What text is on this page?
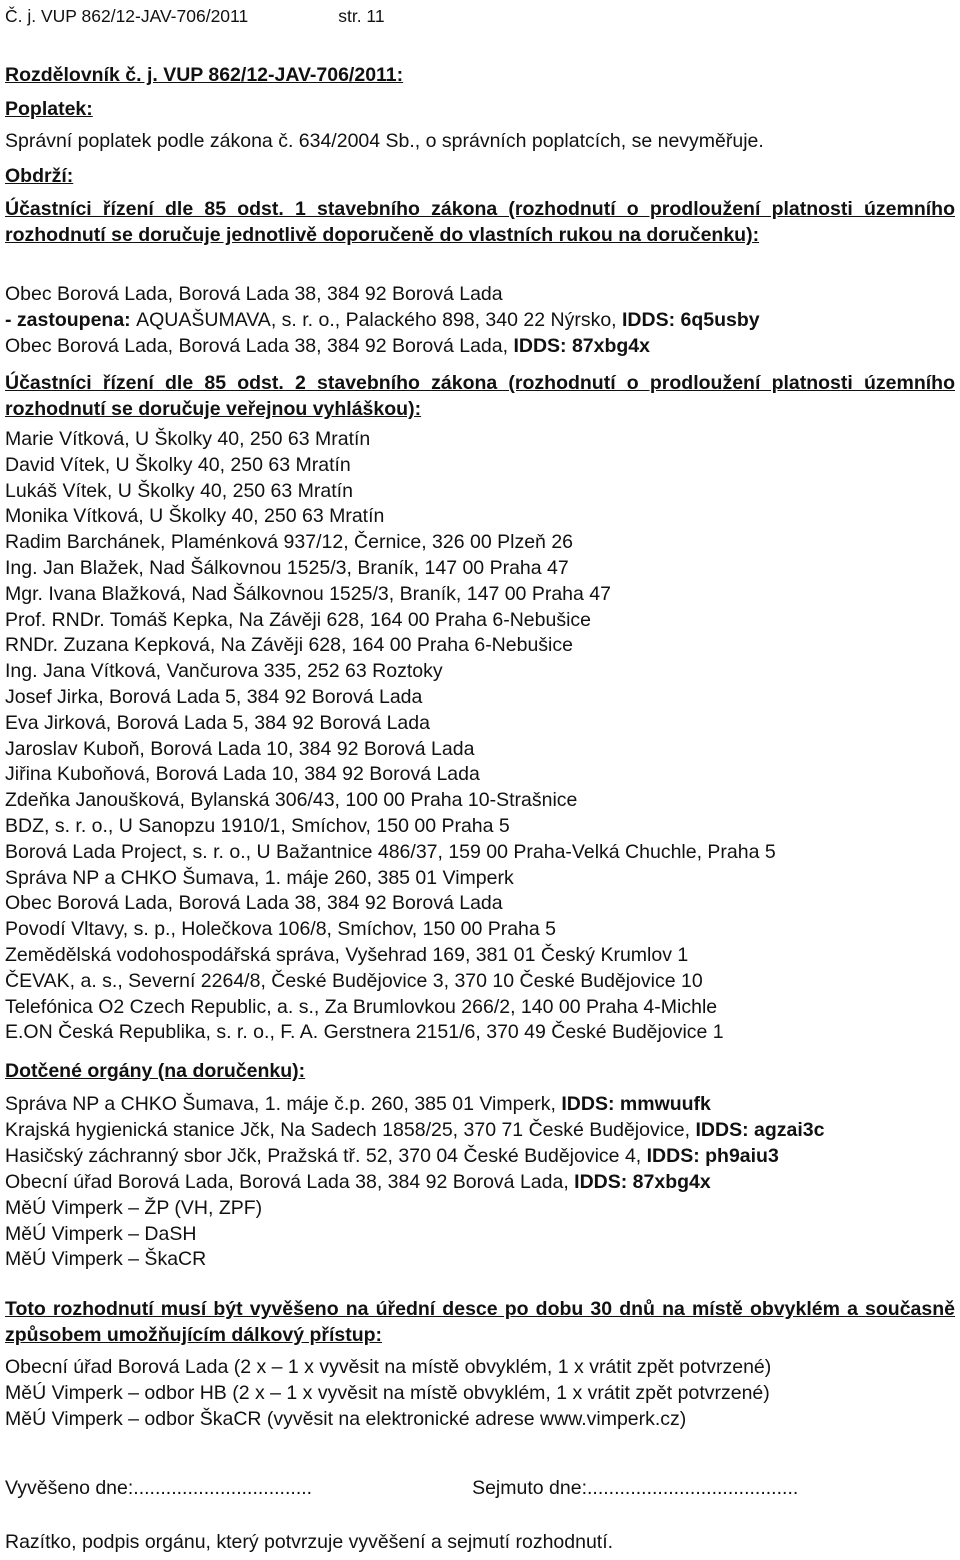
Č. j. VUP 862/12-JAV-706/2011	str. 11
Rozdělovník č. j. VUP 862/12-JAV-706/2011:
Poplatek:
Správní poplatek podle zákona č. 634/2004 Sb., o správních poplatcích, se nevyměřuje.
Obdrží:
Účastníci řízení dle 85 odst. 1 stavebního zákona (rozhodnutí o prodloužení platnosti územního rozhodnutí se doručuje jednotlivě doporučeně do vlastních rukou na doručenku):
Obec Borová Lada, Borová Lada 38, 384 92 Borová Lada
- zastoupena: AQUAŠUMAVA, s. r. o., Palackého 898, 340 22 Nýrsko, IDDS: 6q5usby
Obec Borová Lada, Borová Lada 38, 384 92 Borová Lada, IDDS: 87xbg4x
Účastníci řízení dle 85 odst. 2 stavebního zákona (rozhodnutí o prodloužení platnosti územního rozhodnutí se doručuje veřejnou vyhláškou):
Marie Vítková, U Školky 40, 250 63 Mratín
David Vítek, U Školky 40, 250 63 Mratín
Lukáš Vítek, U Školky 40, 250 63 Mratín
Monika Vítková, U Školky 40, 250 63 Mratín
Radim Barchánek, Plaménková 937/12, Černice, 326 00 Plzeň 26
Ing. Jan Blažek, Nad Šálkovnou 1525/3, Braník, 147 00 Praha 47
Mgr. Ivana Blažková, Nad Šálkovnou 1525/3, Braník, 147 00 Praha 47
Prof. RNDr. Tomáš Kepka, Na Závěji 628, 164 00 Praha 6-Nebušice
RNDr. Zuzana Kepková, Na Závěji 628, 164 00 Praha 6-Nebušice
Ing. Jana Vítková, Vančurova 335, 252 63 Roztoky
Josef Jirka, Borová Lada 5, 384 92 Borová Lada
Eva Jirková, Borová Lada 5, 384 92 Borová Lada
Jaroslav Kuboň, Borová Lada 10, 384 92 Borová Lada
Jiřina Kuboňová, Borová Lada 10, 384 92 Borová Lada
Zdeňka Janoušková, Bylanská 306/43, 100 00 Praha 10-Strašnice
BDZ, s. r. o., U Sanopzu 1910/1, Smíchov, 150 00 Praha 5
Borová Lada Project, s. r. o., U Bažantnice 486/37, 159 00 Praha-Velká Chuchle, Praha 5
Správa NP a CHKO Šumava, 1. máje 260, 385 01 Vimperk
Obec Borová Lada, Borová Lada 38, 384 92 Borová Lada
Povodí Vltavy, s. p., Holečkova 106/8, Smíchov, 150 00 Praha 5
Zemědělská vodohospodářská správa, Vyšehrad 169, 381 01 Český Krumlov 1
ČEVAK, a. s., Severní 2264/8, České Budějovice 3, 370 10 České Budějovice 10
Telefónica O2 Czech Republic, a. s., Za Brumlovkou 266/2, 140 00 Praha 4-Michle
E.ON Česká Republika, s. r. o., F. A. Gerstnera 2151/6, 370 49 České Budějovice 1
Dotčené orgány (na doručenku):
Správa NP a CHKO Šumava, 1. máje č.p. 260, 385 01 Vimperk, IDDS: mmwuufk
Krajská hygienická stanice Jčk, Na Sadech 1858/25, 370 71 České Budějovice, IDDS: agzai3c
Hasičský záchranný sbor Jčk, Pražská tř. 52, 370 04 České Budějovice 4, IDDS: ph9aiu3
Obecní úřad Borová Lada, Borová Lada 38, 384 92 Borová Lada, IDDS: 87xbg4x
MěÚ Vimperk – ŽP (VH, ZPF)
MěÚ Vimperk – DaSH
MěÚ Vimperk – ŠkaCR
Toto rozhodnutí musí být vyvěšeno na úřední desce po dobu 30 dnů na místě obvyklém a současně způsobem umožňujícím dálkový přístup:
Obecní úřad Borová Lada (2 x – 1 x vyvěsit na místě obvyklém, 1 x vrátit zpět potvrzené)
MěÚ Vimperk – odbor HB (2 x – 1 x vyvěsit na místě obvyklém, 1 x vrátit zpět potvrzené)
MěÚ Vimperk – odbor ŠkaCR (vyvěsit na elektronické adrese www.vimperk.cz)
Vyvěšeno dne:.................................	Sejmuto dne:.......................................
Razítko, podpis orgánu, který potvrzuje vyvěšení a sejmutí rozhodnutí.
